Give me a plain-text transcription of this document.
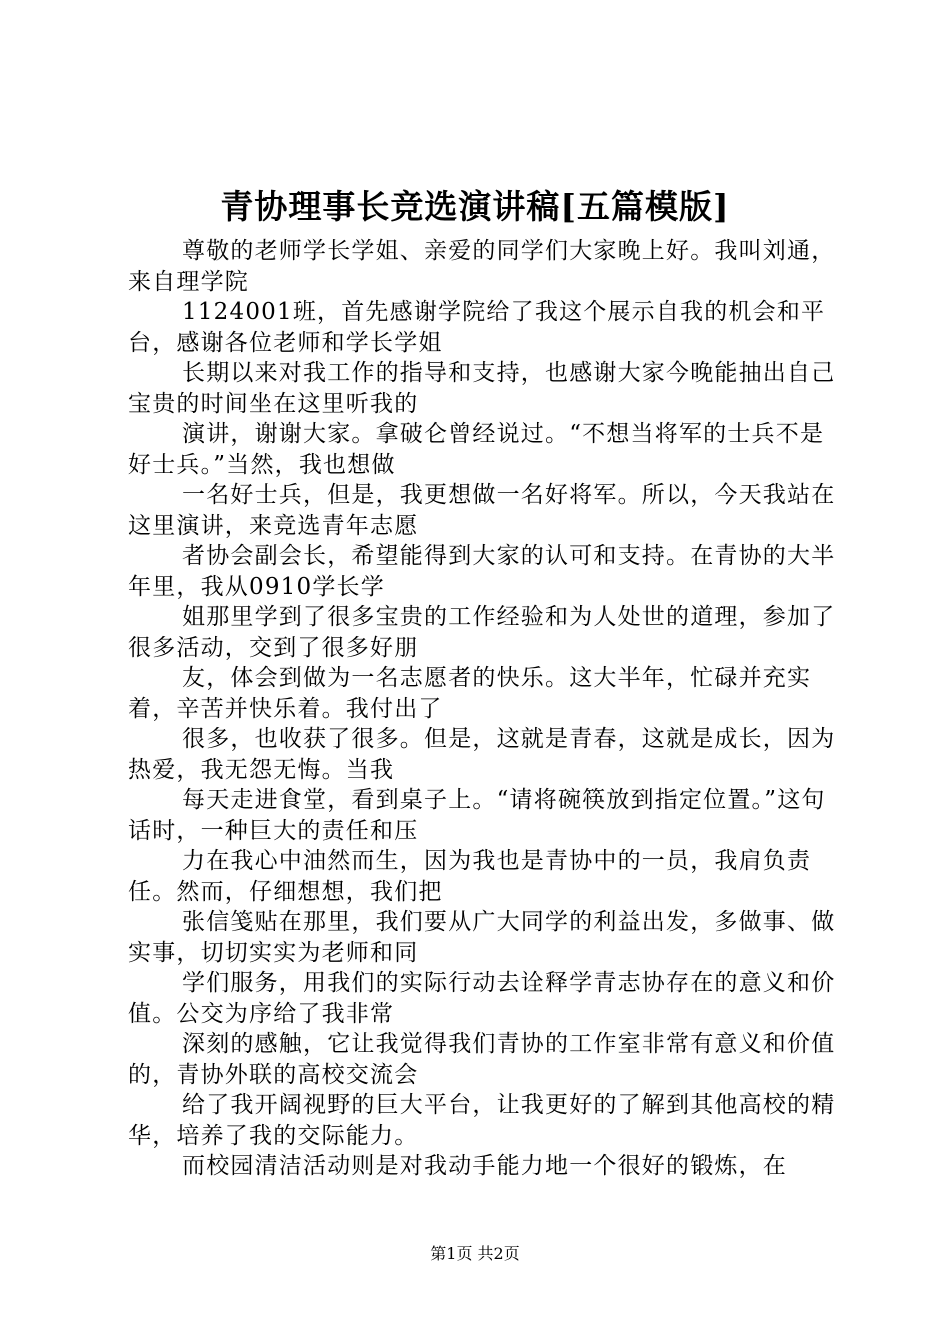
青协理事长竞选演讲稿[五篇模版]

尊敬的老师学长学姐、亲爱的同学们大家晚上好。我叫刘通，来自理学院

1124001班，首先感谢学院给了我这个展示自我的机会和平台，感谢各位老师和学长学姐

长期以来对我工作的指导和支持，也感谢大家今晚能抽出自己宝贵的时间坐在这里听我的

演讲，谢谢大家。拿破仑曾经说过。“不想当将军的士兵不是好士兵。”当然，我也想做

一名好士兵，但是，我更想做一名好将军。所以，今天我站在这里演讲，来竞选青年志愿

者协会副会长，希望能得到大家的认可和支持。在青协的大半年里，我从0910学长学

姐那里学到了很多宝贵的工作经验和为人处世的道理，参加了很多活动，交到了很多好朋

友，体会到做为一名志愿者的快乐。这大半年，忙碌并充实着，辛苦并快乐着。我付出了

很多，也收获了很多。但是，这就是青春，这就是成长，因为热爱，我无怨无悔。当我

每天走进食堂，看到桌子上。“请将碗筷放到指定位置。”这句话时，一种巨大的责任和压

力在我心中油然而生，因为我也是青协中的一员，我肩负责任。然而，仔细想想，我们把

张信笺贴在那里，我们要从广大同学的利益出发，多做事、做实事，切切实实为老师和同

学们服务，用我们的实际行动去诠释学青志协存在的意义和价值。公交为序给了我非常

深刻的感触，它让我觉得我们青协的工作室非常有意义和价值的，青协外联的高校交流会

给了我开阔视野的巨大平台，让我更好的了解到其他高校的精华，培养了我的交际能力。

而校园清洁活动则是对我动手能力地一个很好的锻炼，在

第1页 共2页
